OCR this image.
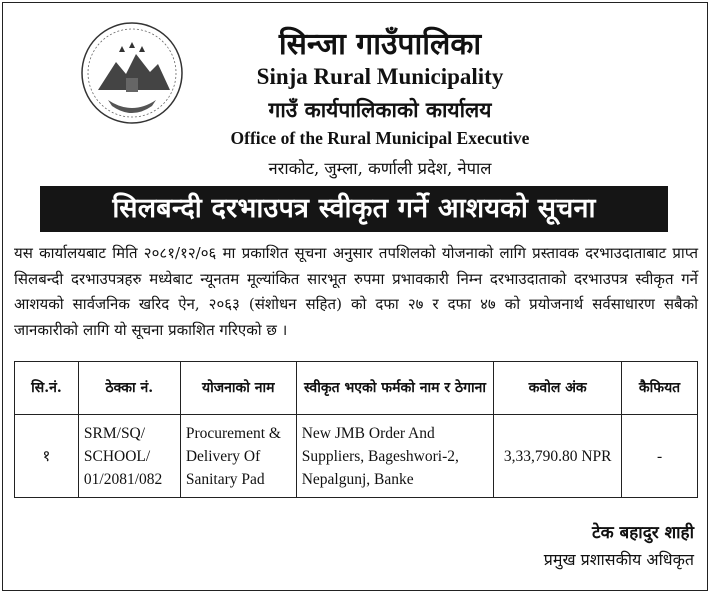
सिन्जा गाउँपालिका
Sinja Rural Municipality
गाउँ कार्यपालिकाको कार्यालय
Office of the Rural Municipal Executive
नराकोट, जुम्ला, कर्णाली प्रदेश, नेपाल
सिलबन्दी दरभाउपत्र स्वीकृत गर्ने आशयको सूचना
यस कार्यालयबाट मिति २०८१/१२/०६ मा प्रकाशित सूचना अनुसार तपशिलको योजनाको लागि प्रस्तावक दरभाउदाताबाट प्राप्त सिलबन्दी दरभाउपत्रहरु मध्येबाट न्यूनतम मूल्यांकित सारभूत रुपमा प्रभावकारी निम्न दरभाउदाताको दरभाउपत्र स्वीकृत गर्ने आशयको सार्वजनिक खरिद ऐन, २०६३ (संशोधन सहित) को दफा २७ र दफा ४७ को प्रयोजनार्थ सर्वसाधारण सबैको जानकारीको लागि यो सूचना प्रकाशित गरिएको छ ।
सि.नं.	ठेक्का नं.	योजनाको नाम	स्वीकृत भएको फर्मको नाम र ठेगाना	कवोल अंक	कैफियत
१	SRM/SQ/ SCHOOL/ 01/2081/082	Procurement & Delivery Of Sanitary Pad	New JMB Order And Suppliers, Bageshwori-2, Nepalgunj, Banke	3,33,790.80 NPR	-
टेक बहादुर शाही
प्रमुख प्रशासकीय अधिकृत
